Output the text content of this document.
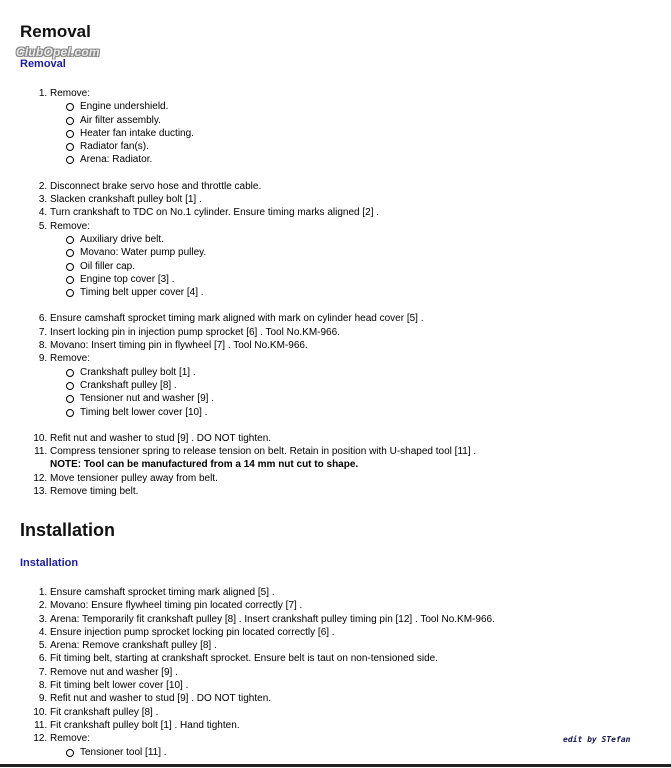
Removal
ClubOpel.com
Removal
1. Remove:
Engine undershield.
Air filter assembly.
Heater fan intake ducting.
Radiator fan(s).
Arena: Radiator.
2. Disconnect brake servo hose and throttle cable.
3. Slacken crankshaft pulley bolt [1] .
4. Turn crankshaft to TDC on No.1 cylinder. Ensure timing marks aligned [2] .
5. Remove:
Auxiliary drive belt.
Movano: Water pump pulley.
Oil filler cap.
Engine top cover [3] .
Timing belt upper cover [4] .
6. Ensure camshaft sprocket timing mark aligned with mark on cylinder head cover [5] .
7. Insert locking pin in injection pump sprocket [6] . Tool No.KM-966.
8. Movano: Insert timing pin in flywheel [7] . Tool No.KM-966.
9. Remove:
Crankshaft pulley bolt [1] .
Crankshaft pulley [8] .
Tensioner nut and washer [9] .
Timing belt lower cover [10] .
10. Refit nut and washer to stud [9] . DO NOT tighten.
11. Compress tensioner spring to release tension on belt. Retain in position with U-shaped tool [11] .
NOTE: Tool can be manufactured from a 14 mm nut cut to shape.
12. Move tensioner pulley away from belt.
13. Remove timing belt.
Installation
Installation
1. Ensure camshaft sprocket timing mark aligned [5] .
2. Movano: Ensure flywheel timing pin located correctly [7] .
3. Arena: Temporarily fit crankshaft pulley [8] . Insert crankshaft pulley timing pin [12] . Tool No.KM-966.
4. Ensure injection pump sprocket locking pin located correctly [6] .
5. Arena: Remove crankshaft pulley [8] .
6. Fit timing belt, starting at crankshaft sprocket. Ensure belt is taut on non-tensioned side.
7. Remove nut and washer [9] .
8. Fit timing belt lower cover [10] .
9. Refit nut and washer to stud [9] . DO NOT tighten.
10. Fit crankshaft pulley [8] .
11. Fit crankshaft pulley bolt [1] . Hand tighten.
12. Remove:
Tensioner tool [11] .
edit by STefan
